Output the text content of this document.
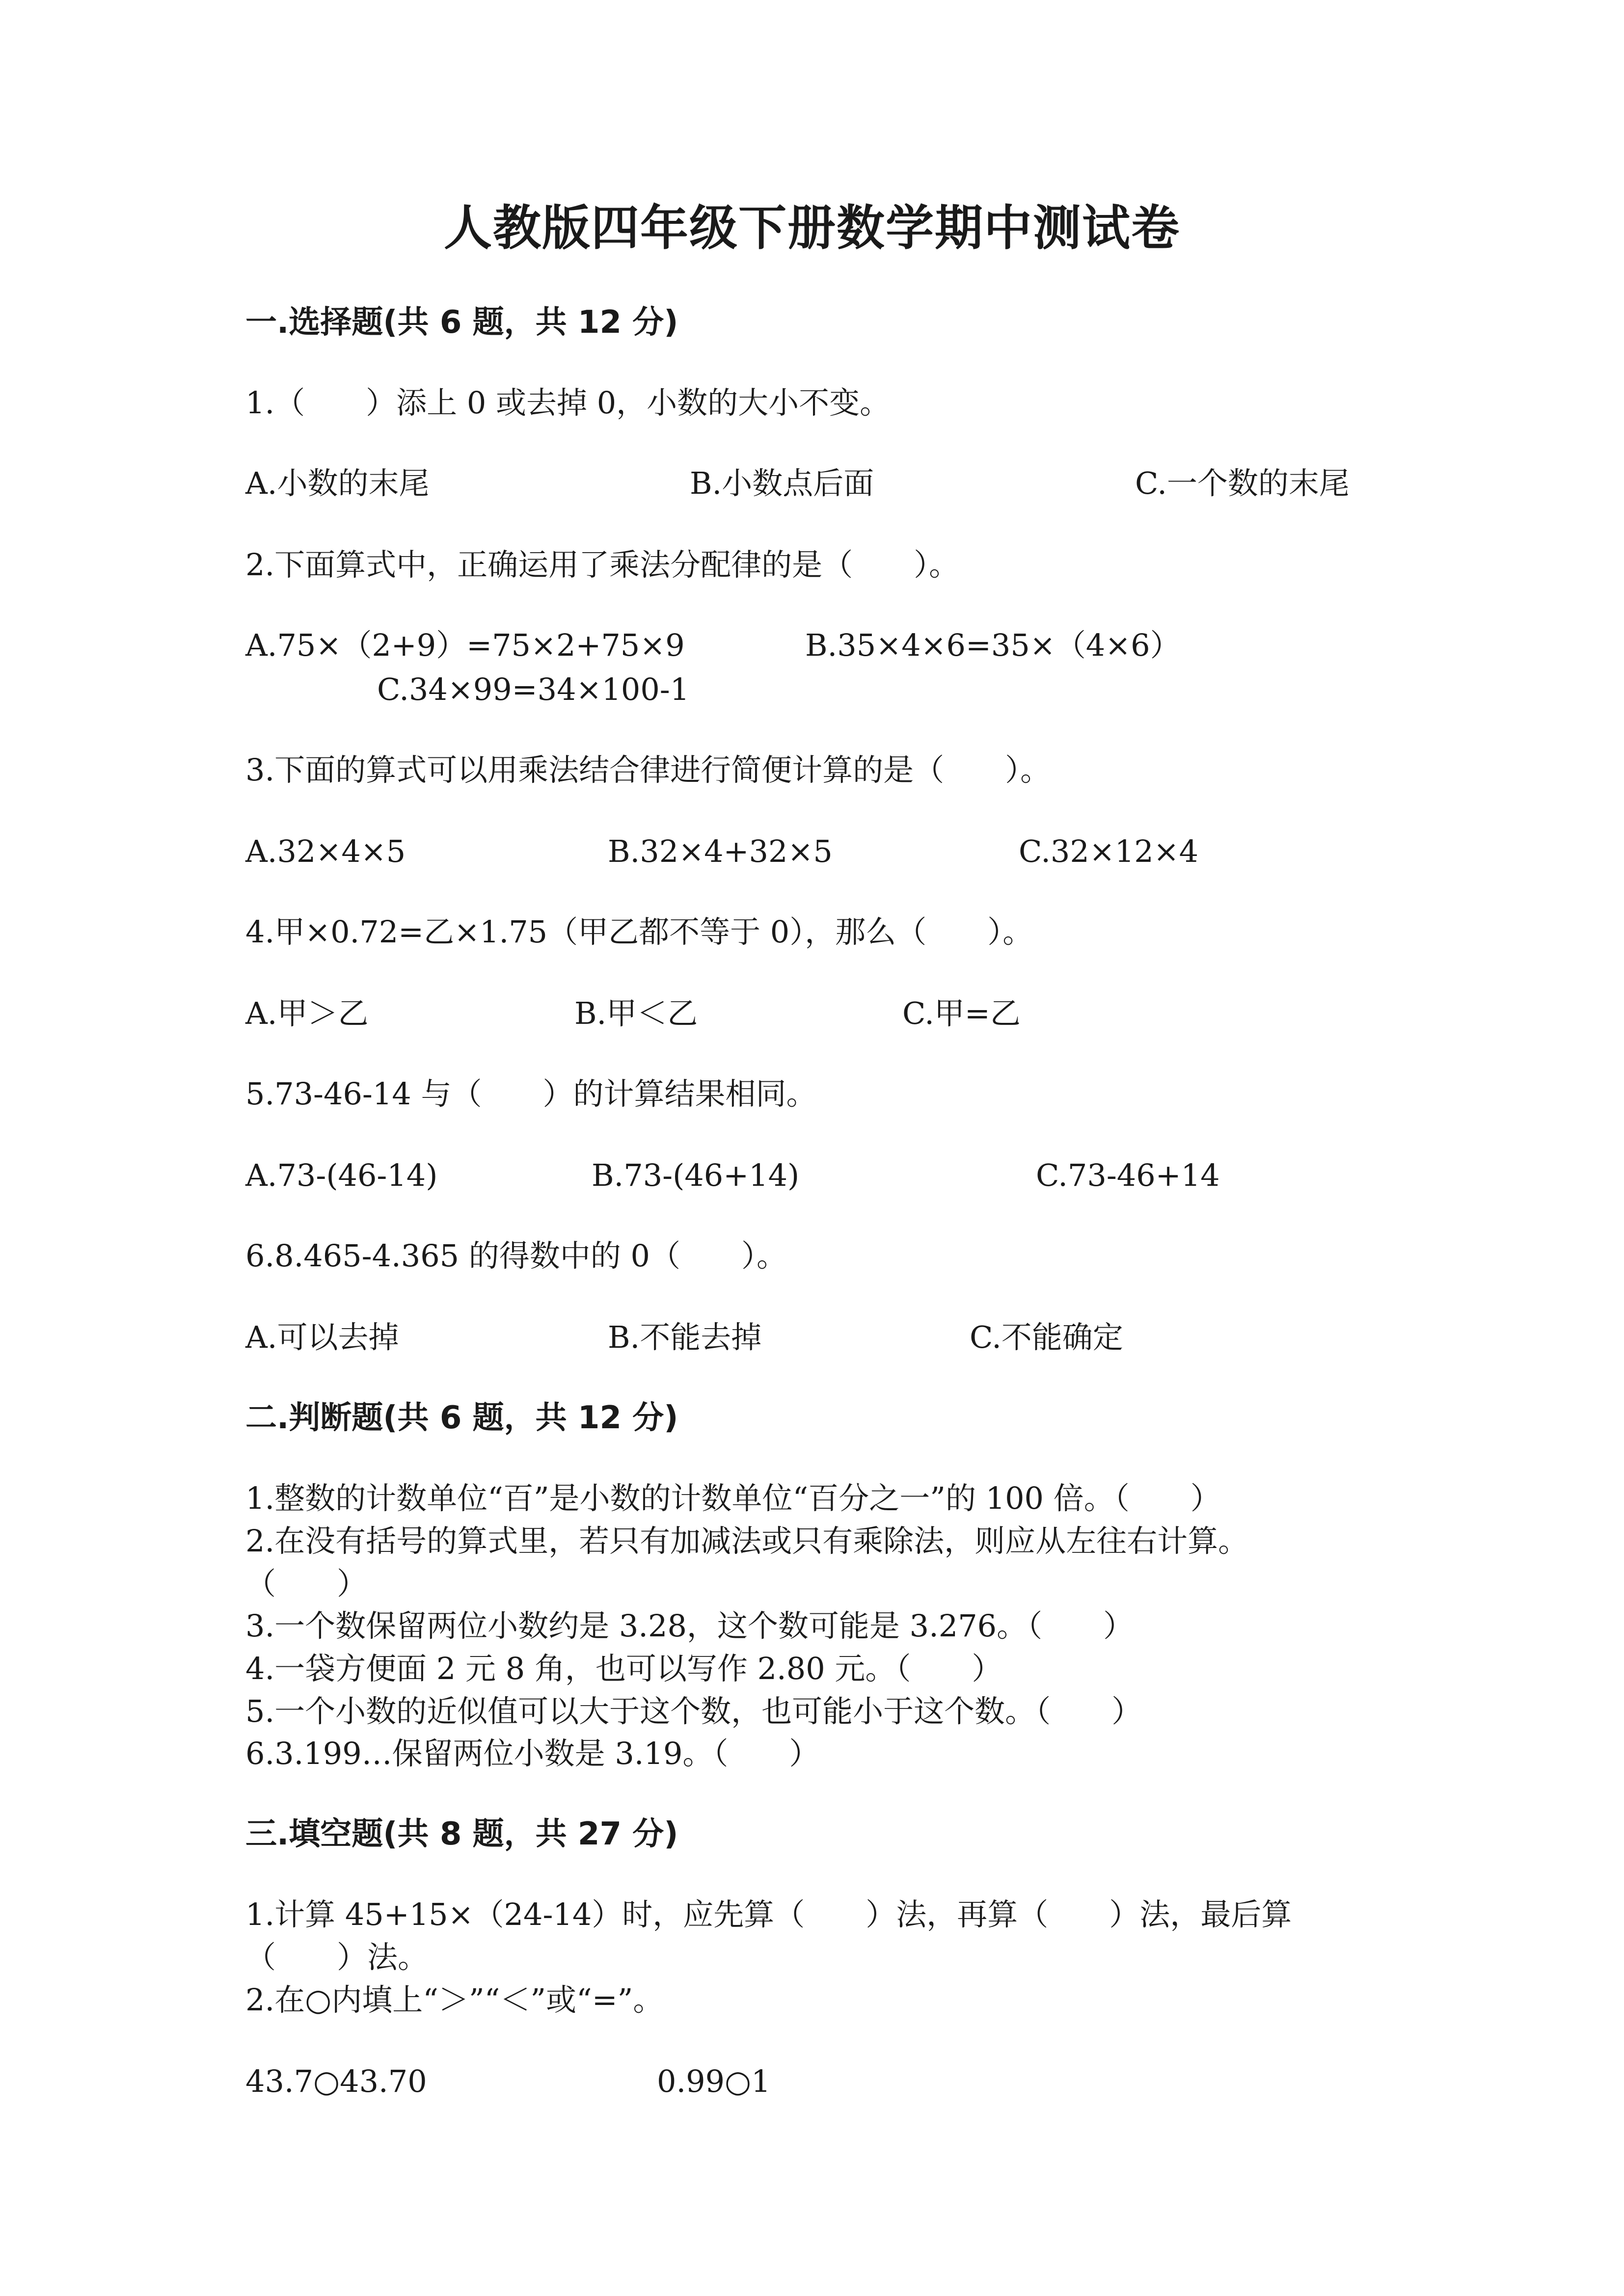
人教版四年级下册数学期中测试卷
一.选择题(共 6 题，共 12 分)
1.（　　）添上 0 或去掉 0，小数的大小不变。
A.小数的末尾	B.小数点后面	C.一个数的末尾
2.下面算式中，正确运用了乘法分配律的是（　　）。
A.75×（2+9）=75×2+75×9	B.35×4×6=35×（4×6）
C.34×99=34×100-1
3.下面的算式可以用乘法结合律进行简便计算的是（　　）。
A.32×4×5	B.32×4+32×5	C.32×12×4
4.甲×0.72=乙×1.75（甲乙都不等于 0），那么（　　）。
A.甲＞乙	B.甲＜乙	C.甲=乙
5.73-46-14 与（　　）的计算结果相同。
A.73-(46-14)	B.73-(46+14)	C.73-46+14
6.8.465-4.365 的得数中的 0（　　）。
A.可以去掉	B.不能去掉	C.不能确定
二.判断题(共 6 题，共 12 分)
1.整数的计数单位“百”是小数的计数单位“百分之一”的 100 倍。（　　）
2.在没有括号的算式里，若只有加减法或只有乘除法，则应从左往右计算。
（　　）
3.一个数保留两位小数约是 3.28，这个数可能是 3.276。（　　）
4.一袋方便面 2 元 8 角，也可以写作 2.80 元。（　　）
5.一个小数的近似值可以大于这个数，也可能小于这个数。（　　）
6.3.199…保留两位小数是 3.19。（　　）
三.填空题(共 8 题，共 27 分)
1.计算 45+15×（24-14）时，应先算（　　）法，再算（　　）法，最后算
（　　）法。
2.在○内填上“＞”“＜”或“=”。
43.7○43.70	0.99○1
